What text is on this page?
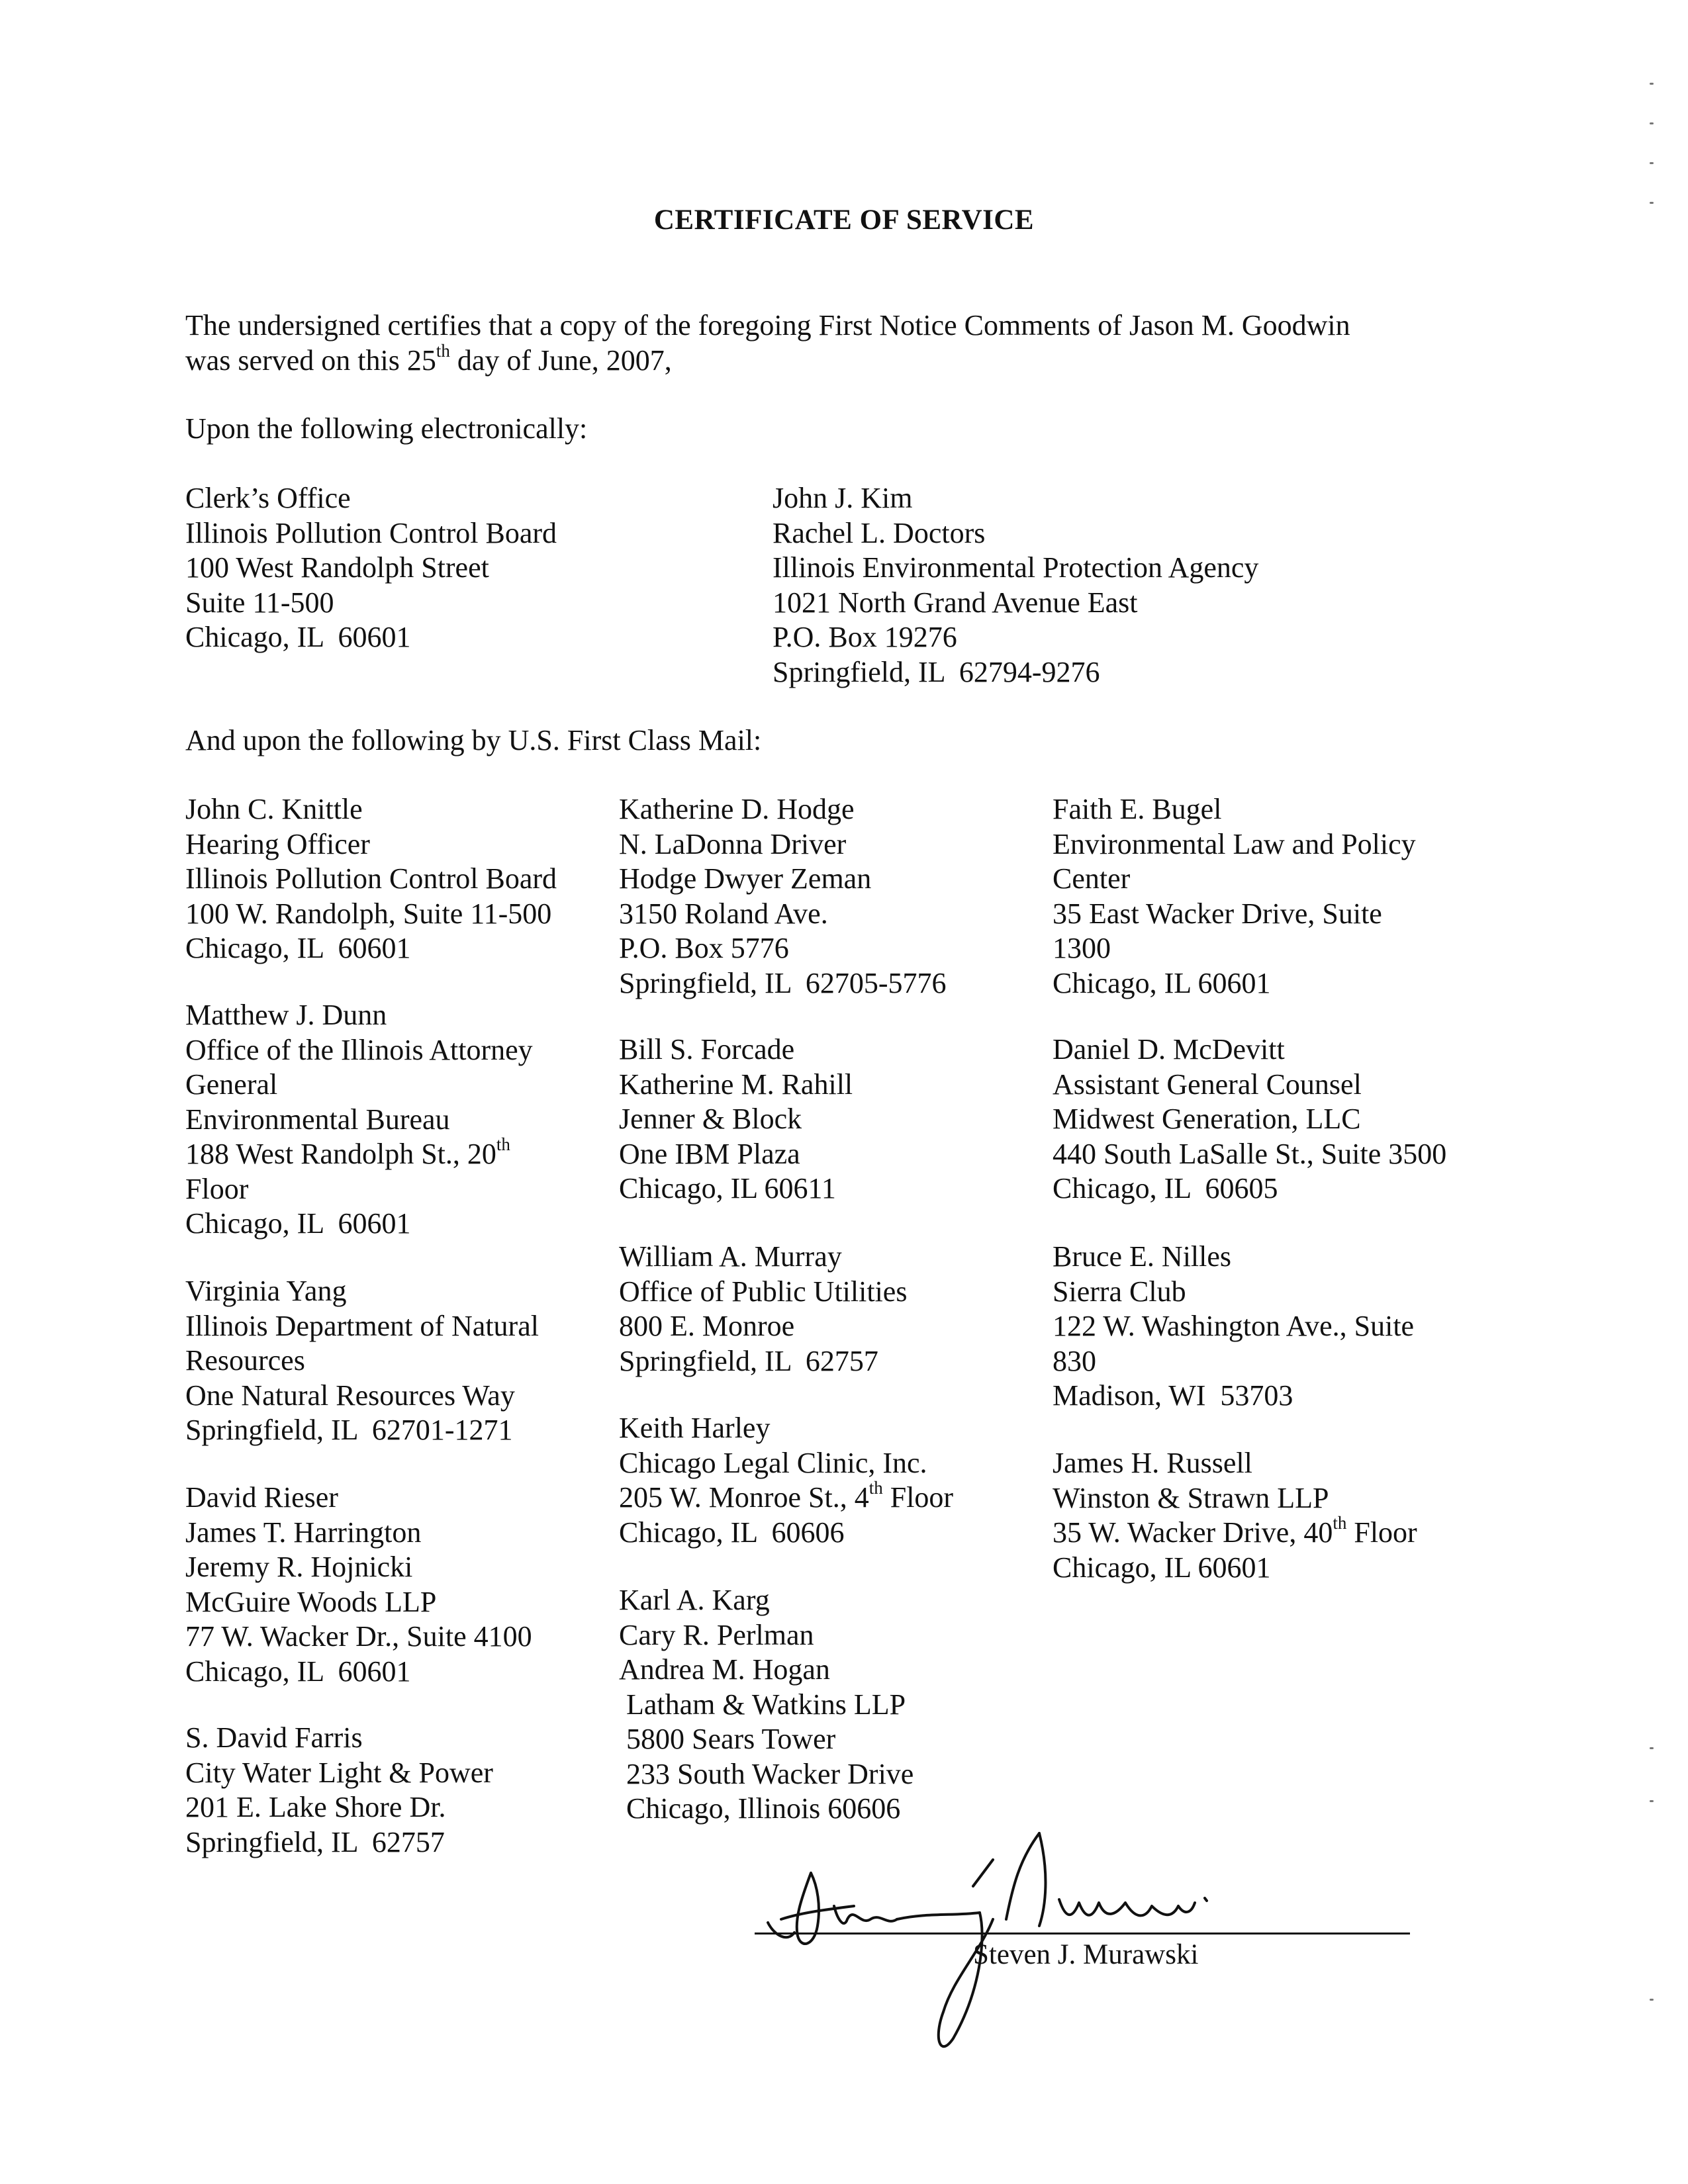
CERTIFICATE OF SERVICE
The undersigned certifies that a copy of the foregoing First Notice Comments of Jason M. Goodwin
was served on this 25th day of June, 2007,
Upon the following electronically:
Clerk’s Office
Illinois Pollution Control Board
100 West Randolph Street
Suite 11-500
Chicago, IL  60601
John J. Kim
Rachel L. Doctors
Illinois Environmental Protection Agency
1021 North Grand Avenue East
P.O. Box 19276
Springfield, IL  62794-9276
And upon the following by U.S. First Class Mail:
John C. Knittle
Hearing Officer
Illinois Pollution Control Board
100 W. Randolph, Suite 11-500
Chicago, IL  60601
Matthew J. Dunn
Office of the Illinois Attorney
General
Environmental Bureau
188 West Randolph St., 20th
Floor
Chicago, IL  60601
Virginia Yang
Illinois Department of Natural
Resources
One Natural Resources Way
Springfield, IL  62701-1271
David Rieser
James T. Harrington
Jeremy R. Hojnicki
McGuire Woods LLP
77 W. Wacker Dr., Suite 4100
Chicago, IL  60601
S. David Farris
City Water Light & Power
201 E. Lake Shore Dr.
Springfield, IL  62757
Katherine D. Hodge
N. LaDonna Driver
Hodge Dwyer Zeman
3150 Roland Ave.
P.O. Box 5776
Springfield, IL  62705-5776
Bill S. Forcade
Katherine M. Rahill
Jenner & Block
One IBM Plaza
Chicago, IL 60611
William A. Murray
Office of Public Utilities
800 E. Monroe
Springfield, IL  62757
Keith Harley
Chicago Legal Clinic, Inc.
205 W. Monroe St., 4th Floor
Chicago, IL  60606
Karl A. Karg
Cary R. Perlman
Andrea M. Hogan
Latham & Watkins LLP
5800 Sears Tower
233 South Wacker Drive
Chicago, Illinois 60606
Faith E. Bugel
Environmental Law and Policy
Center
35 East Wacker Drive, Suite
1300
Chicago, IL 60601
Daniel D. McDevitt
Assistant General Counsel
Midwest Generation, LLC
440 South LaSalle St., Suite 3500
Chicago, IL  60605
Bruce E. Nilles
Sierra Club
122 W. Washington Ave., Suite
830
Madison, WI  53703
James H. Russell
Winston & Strawn LLP
35 W. Wacker Drive, 40th Floor
Chicago, IL 60601
Steven J. Murawski
